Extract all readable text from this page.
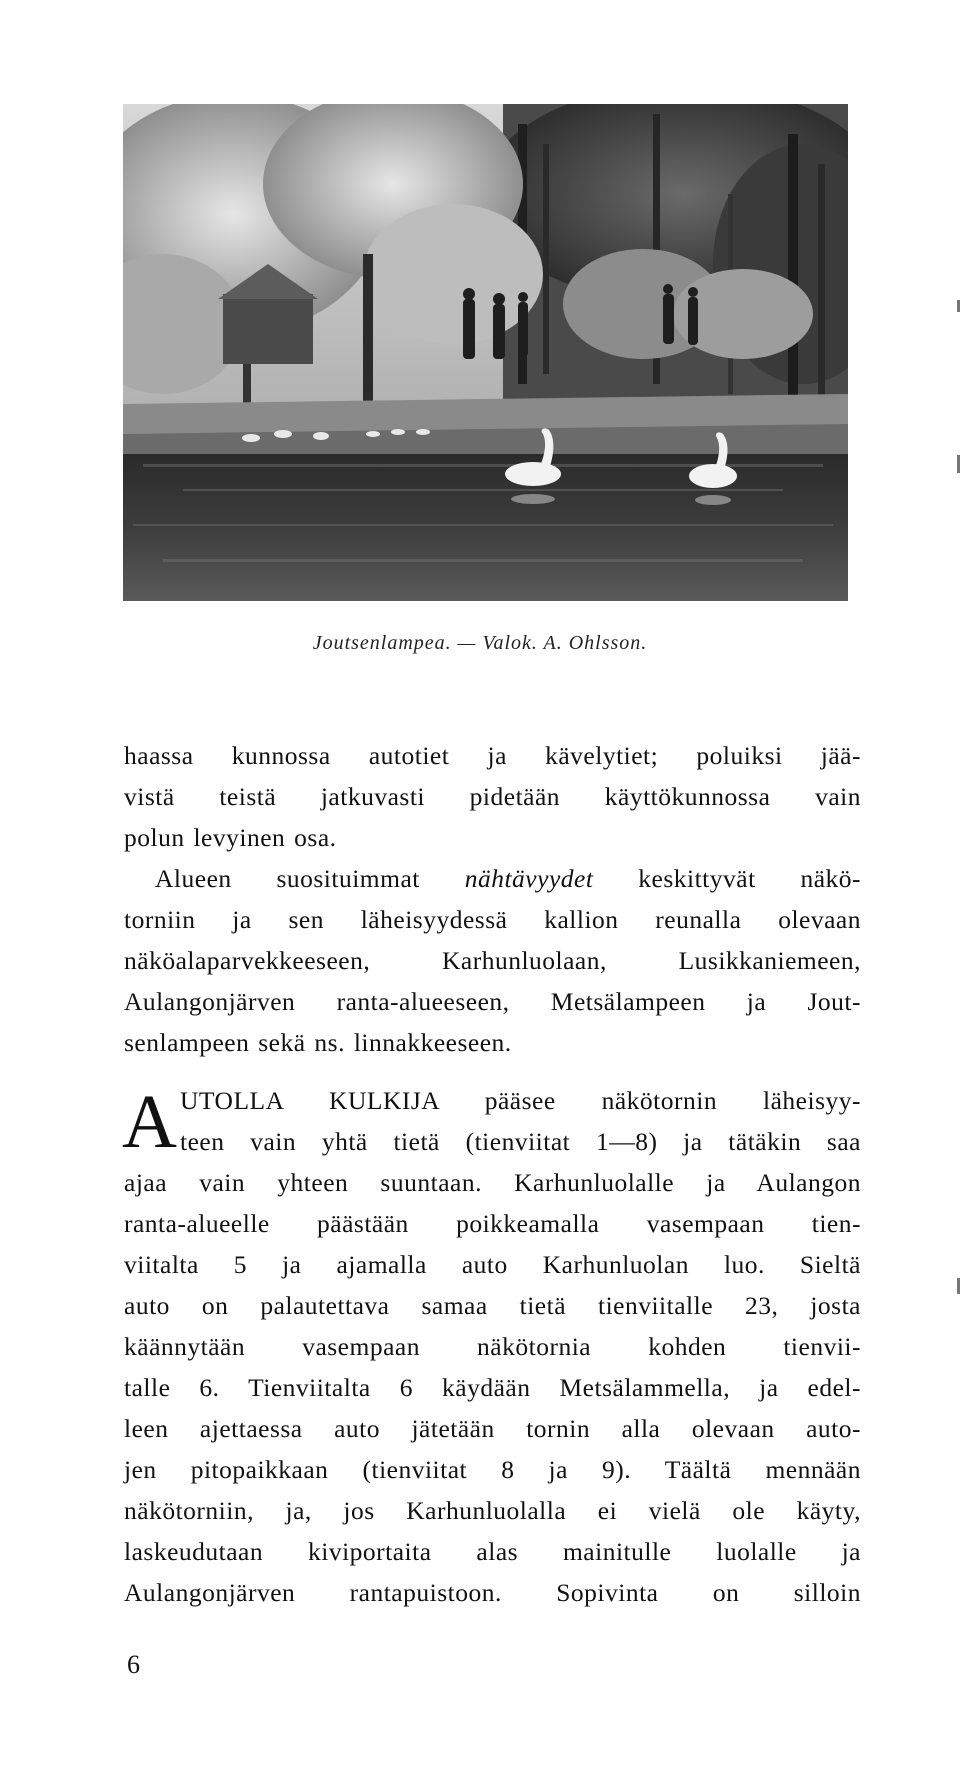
Joutsenlampea. — Valok. A. Ohlsson.
haassa kunnossa autotiet ja kävelytiet; poluiksi jää-
vistä teistä jatkuvasti pidetään käyttökunnossa vain
polun levyinen osa.
Alueen suosituimmat nähtävyydet keskittyvät näkö-
torniin ja sen läheisyydessä kallion reunalla olevaan
näköalaparvekkeeseen, Karhunluolaan, Lusikkaniemeen,
Aulangonjärven ranta-alueeseen, Metsälampeen ja Jout-
senlampeen sekä ns. linnakkeeseen.
A UTOLLA KULKIJA pääsee näkötornin läheisyy-
teen vain yhtä tietä (tienviitat 1—8) ja tätäkin saa
ajaa vain yhteen suuntaan. Karhunluolalle ja Aulangon
ranta-alueelle päästään poikkeamalla vasempaan tien-
viitalta 5 ja ajamalla auto Karhunluolan luo. Sieltä
auto on palautettava samaa tietä tienviitalle 23, josta
käännytään vasempaan näkötornia kohden tienvii-
talle 6. Tienviitalta 6 käydään Metsälammella, ja edel-
leen ajettaessa auto jätetään tornin alla olevaan auto-
jen pitopaikkaan (tienviitat 8 ja 9). Täältä mennään
näkötorniin, ja, jos Karhunluolalla ei vielä ole käyty,
laskeudutaan kiviportaita alas mainitulle luolalle ja
Aulangonjärven rantapuistoon. Sopivinta on silloin
6
